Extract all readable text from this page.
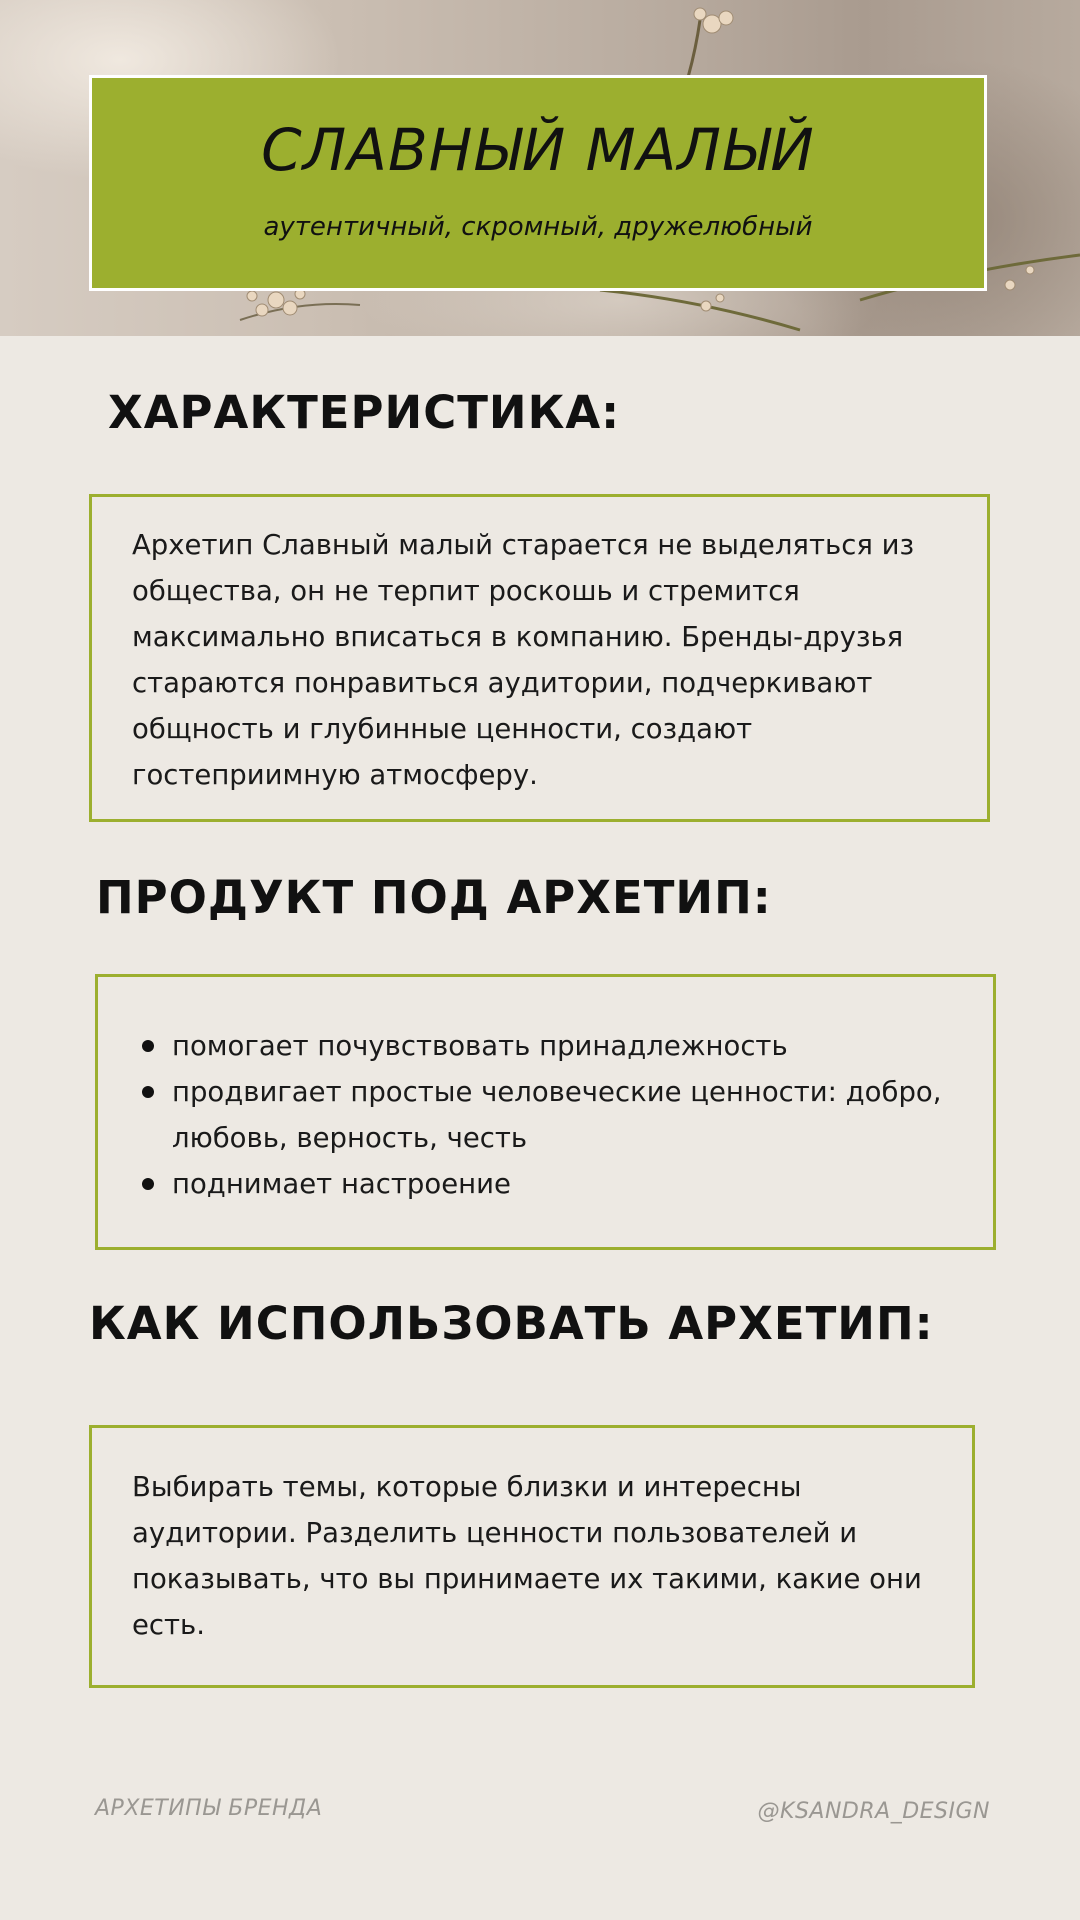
СЛАВНЫЙ МАЛЫЙ
аутентичный, скромный, дружелюбный
ХАРАКТЕРИСТИКА:

Архетип Славный малый старается не выделяться из общества, он не терпит роскошь и стремится максимально вписаться в компанию. Бренды-друзья стараются понравиться аудитории, подчеркивают общность и глубинные ценности, создают гостеприимную атмосферу.

ПРОДУКТ ПОД АРХЕТИП:
помогает почувствовать принадлежность
продвигает простые человеческие ценности: добро, любовь, верность, честь
поднимает настроение
КАК ИСПОЛЬЗОВАТЬ АРХЕТИП:

Выбирать темы, которые близки и интересны аудитории. Разделить ценности пользователей и показывать, что вы принимаете их такими, какие они есть.

АРХЕТИПЫ БРЕНДА	@KSANDRA_DESIGN
